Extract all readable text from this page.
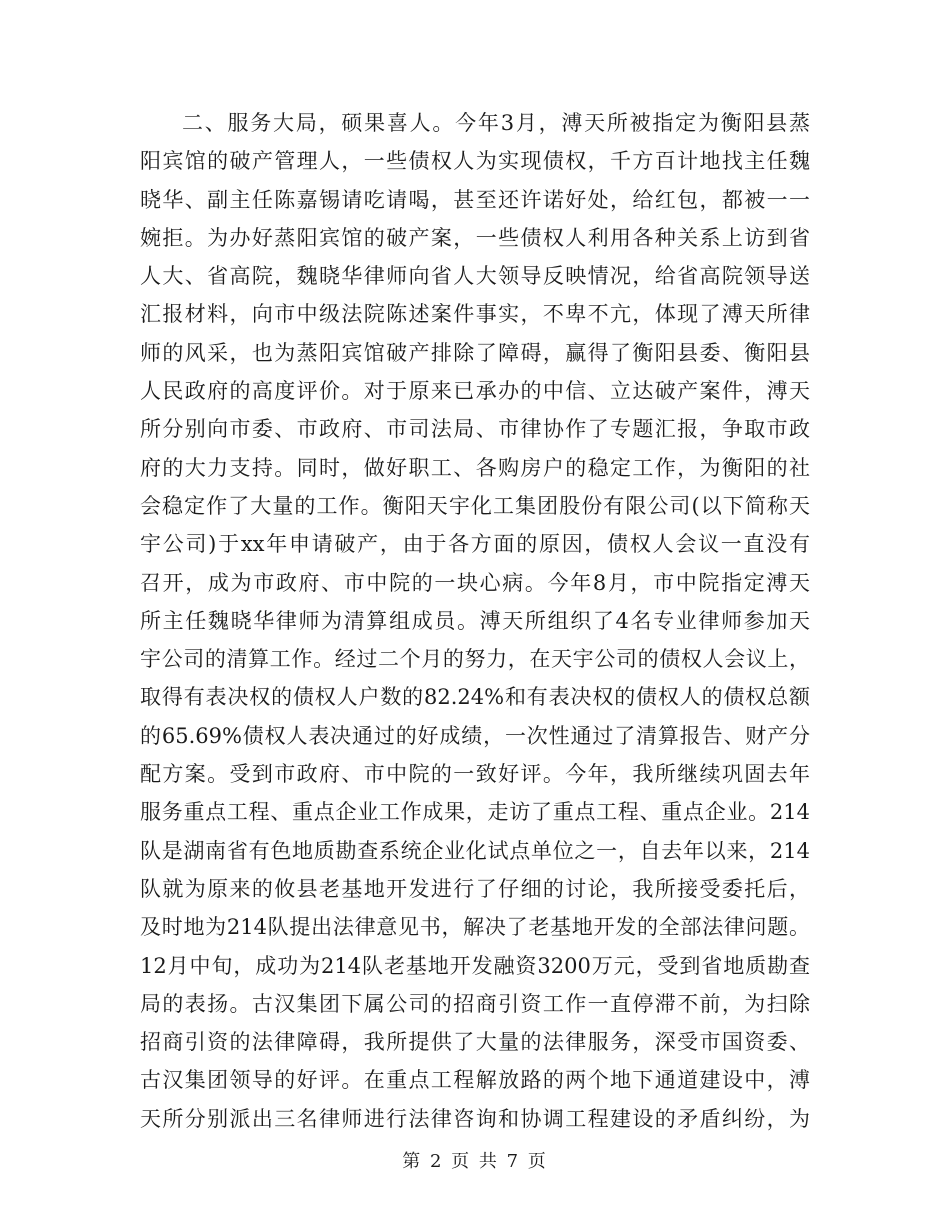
二、服务大局，硕果喜人。今年3月，溥天所被指定为衡阳县蒸
阳宾馆的破产管理人，一些债权人为实现债权，千方百计地找主任魏
晓华、副主任陈嘉锡请吃请喝，甚至还许诺好处，给红包，都被一一
婉拒。为办好蒸阳宾馆的破产案，一些债权人利用各种关系上访到省
人大、省高院，魏晓华律师向省人大领导反映情况，给省高院领导送
汇报材料，向市中级法院陈述案件事实，不卑不亢，体现了溥天所律
师的风采，也为蒸阳宾馆破产排除了障碍，赢得了衡阳县委、衡阳县
人民政府的高度评价。对于原来已承办的中信、立达破产案件，溥天
所分别向市委、市政府、市司法局、市律协作了专题汇报，争取市政
府的大力支持。同时，做好职工、各购房户的稳定工作，为衡阳的社
会稳定作了大量的工作。衡阳天宇化工集团股份有限公司(以下简称天
宇公司)于xx年申请破产，由于各方面的原因，债权人会议一直没有
召开，成为市政府、市中院的一块心病。今年8月，市中院指定溥天
所主任魏晓华律师为清算组成员。溥天所组织了4名专业律师参加天
宇公司的清算工作。经过二个月的努力，在天宇公司的债权人会议上，
取得有表决权的债权人户数的82.24%和有表决权的债权人的债权总额
的65.69%债权人表决通过的好成绩，一次性通过了清算报告、财产分
配方案。受到市政府、市中院的一致好评。今年，我所继续巩固去年
服务重点工程、重点企业工作成果，走访了重点工程、重点企业。214
队是湖南省有色地质勘查系统企业化试点单位之一，自去年以来，214
队就为原来的攸县老基地开发进行了仔细的讨论，我所接受委托后，
及时地为214队提出法律意见书，解决了老基地开发的全部法律问题。
12月中旬，成功为214队老基地开发融资3200万元，受到省地质勘查
局的表扬。古汉集团下属公司的招商引资工作一直停滞不前，为扫除
招商引资的法律障碍，我所提供了大量的法律服务，深受市国资委、
古汉集团领导的好评。在重点工程解放路的两个地下通道建设中，溥
天所分别派出三名律师进行法律咨询和协调工程建设的矛盾纠纷，为
第 2 页 共 7 页
